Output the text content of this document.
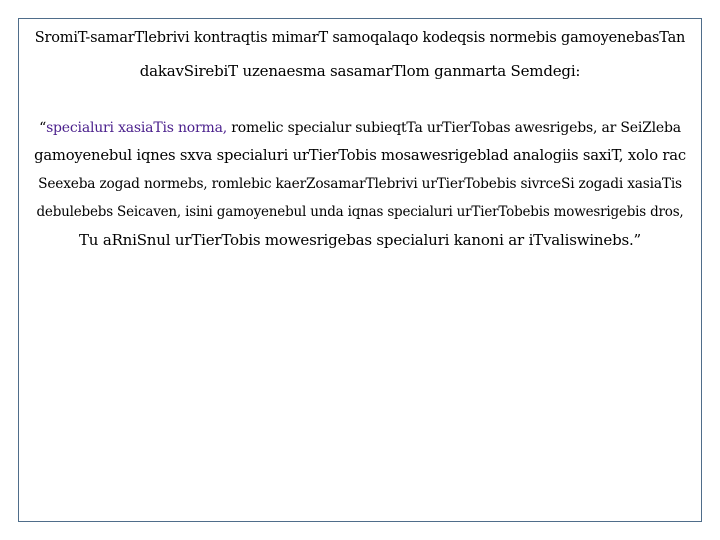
SromiT-samarTlebrivi kontraqtis mimarT samoqalaqo kodeqsis normebis gamoyenebasTan
dakavSirebiT uzenaesma sasamarTlom ganmarta Semdegi:
“specialuri xasiaTis norma, romelic specialur subieqtTa urTierTobas awesrigebs, ar SeiZleba
gamoyenebul iqnes sxva specialuri urTierTobis mosawesrigeblad analogiis saxiT, xolo rac
Seexeba zogad normebs, romlebic kaerZosamarTlebrivi urTierTobebis sivrceSi zogadi xasiaTis
debulebebs Seicaven, isini gamoyenebul unda iqnas specialuri urTierTobebis mowesrigebis dros,
Tu aRniSnul urTierTobis mowesrigebas specialuri kanoni ar iTvaliswinebs.”
